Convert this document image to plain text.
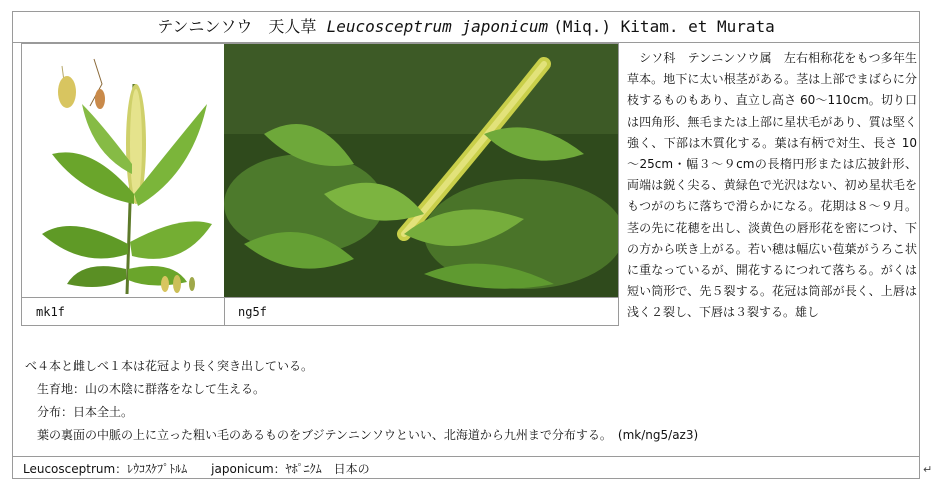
テンニンソウ　天人草 Leucosceptrum japonicum (Miq.) Kitam. et Murata
mk1f	ng5f
　シソ科　テンニンソウ属　左右相称花をもつ多年生草本。地下に太い根茎がある。茎は上部でまばらに分枝するものもあり、直立し高さ 60～110cm。切り口は四角形、無毛または上部に星状毛があり、質は堅く強く、下部は木質化する。葉は有柄で対生、長さ 10～25cm・幅３～９cmの長楕円形または広披針形、両端は鋭く尖る、黄緑色で光沢はない、初め星状毛をもつがのちに落ちで滑らかになる。花期は８～９月。茎の先に花穂を出し、淡黄色の唇形花を密につけ、下の方から咲き上がる。若い穂は幅広い苞葉がうろこ状に重なっているが、開花するにつれて落ちる。がくは短い筒形で、先５裂する。花冠は筒部が長く、上唇は浅く２裂し、下唇は３裂する。雄し

べ４本と雌しべ１本は花冠より長く突き出している。

　生育地：山の木陰に群落をなして生える。

　分布：日本全土。

　葉の裏面の中脈の上に立った粗い毛のあるものをブジテンニンソウといい、北海道から九州まで分布する。　(mk/ng5/az3)

Leucosceptrum：ﾚｳｺｽｹﾌﾟﾄﾙﾑ　　japonicum：ﾔﾎﾟﾆｸﾑ　日本の	↵
